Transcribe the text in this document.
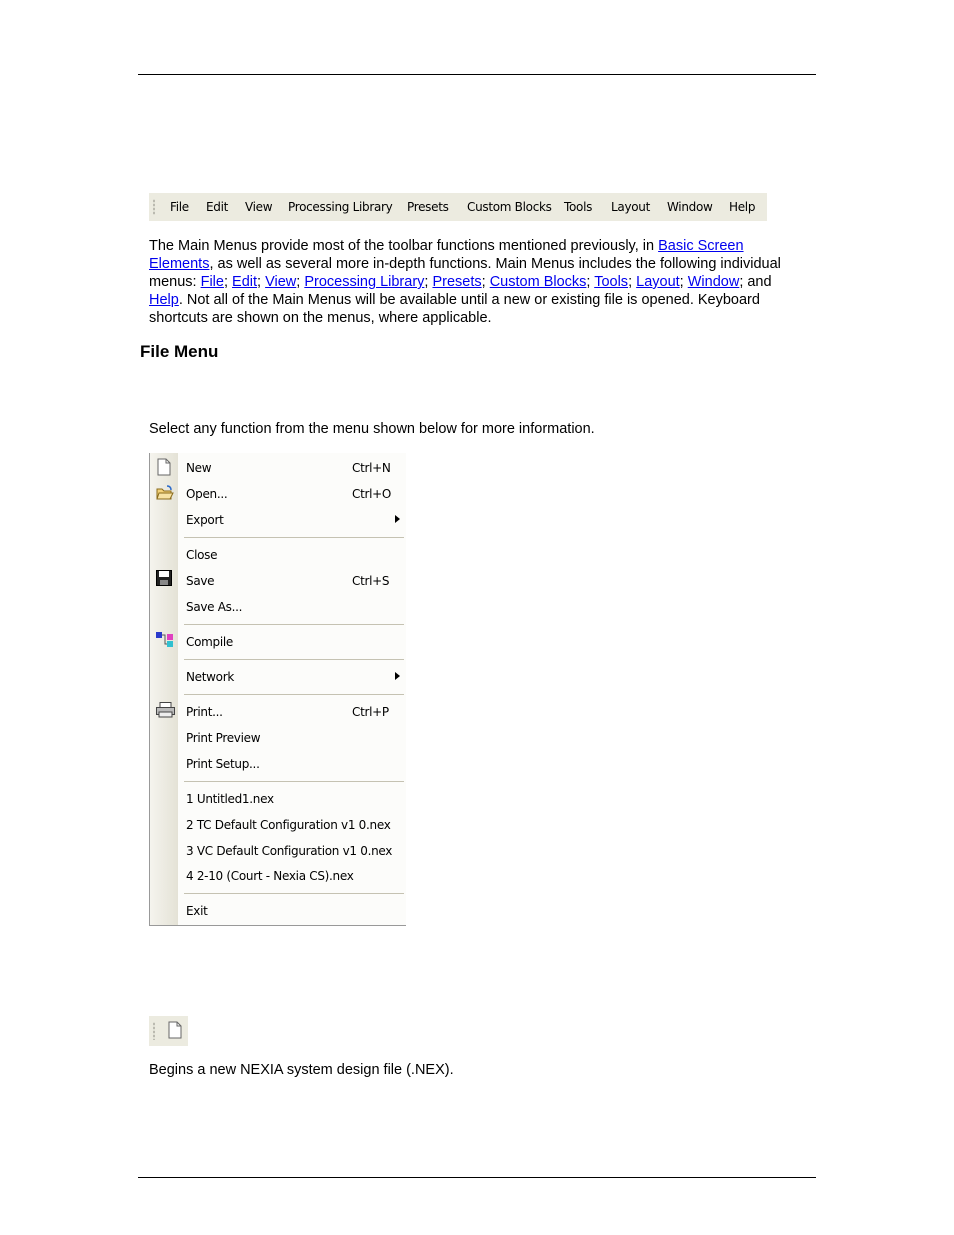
File Edit View Processing Library Presets Custom Blocks Tools Layout Window Help
The Main Menus provide most of the toolbar functions mentioned previously, in Basic Screen Elements, as well as several more in-depth functions. Main Menus includes the following individual menus: File; Edit; View; Processing Library; Presets; Custom Blocks; Tools; Layout; Window; and Help. Not all of the Main Menus will be available until a new or existing file is opened. Keyboard shortcuts are shown on the menus, where applicable.
File Menu
Select any function from the menu shown below for more information.
New	Ctrl+N
Open...	Ctrl+O
Export
Close
Save	Ctrl+S
Save As...
Compile
Network
Print...	Ctrl+P
Print Preview
Print Setup...
1 Untitled1.nex
2 TC Default Configuration v1 0.nex
3 VC Default Configuration v1 0.nex
4 2-10 (Court - Nexia CS).nex
Exit
Begins a new NEXIA system design file (.NEX).
